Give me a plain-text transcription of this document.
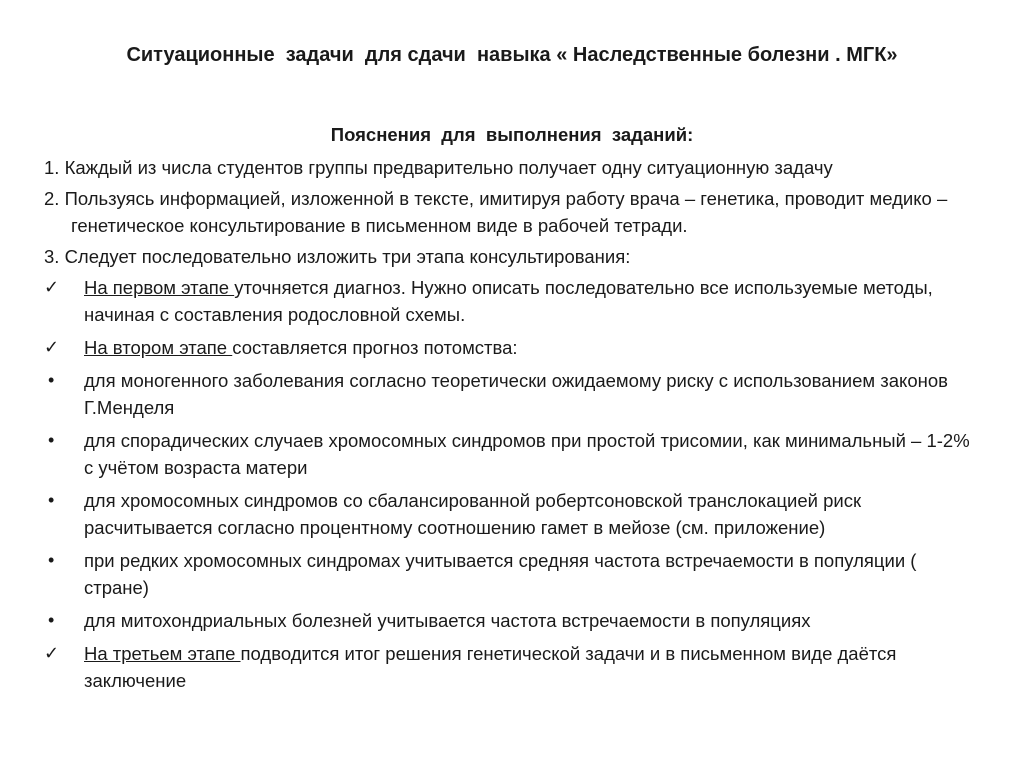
Ситуационные  задачи  для сдачи  навыка « Наследственные болезни . МГК»
Пояснения  для  выполнения  заданий:
1. Каждый из числа студентов группы предварительно получает одну ситуационную задачу
2. Пользуясь информацией, изложенной в тексте, имитируя работу врача – генетика, проводит медико – генетическое консультирование в письменном виде в рабочей тетради.
3. Следует последовательно изложить три этапа консультирования:
✓	На первом этапе уточняется диагноз. Нужно описать последовательно все используемые методы, начиная с составления родословной схемы.
✓	На втором этапе составляется прогноз потомства:
•	для моногенного заболевания согласно теоретически ожидаемому риску с использованием законов Г.Менделя
•	для спорадических случаев хромосомных синдромов при простой трисомии, как минимальный – 1-2% с учётом возраста матери
•	для хромосомных синдромов со сбалансированной робертсоновской транслокацией риск расчитывается согласно процентному соотношению гамет в мейозе (см. приложение)
•	при редких хромосомных синдромах учитывается средняя частота встречаемости в популяции ( стране)
•	для митохондриальных болезней учитывается частота встречаемости в популяциях
✓	На третьем этапе подводится итог решения генетической задачи и в письменном виде даётся заключение
